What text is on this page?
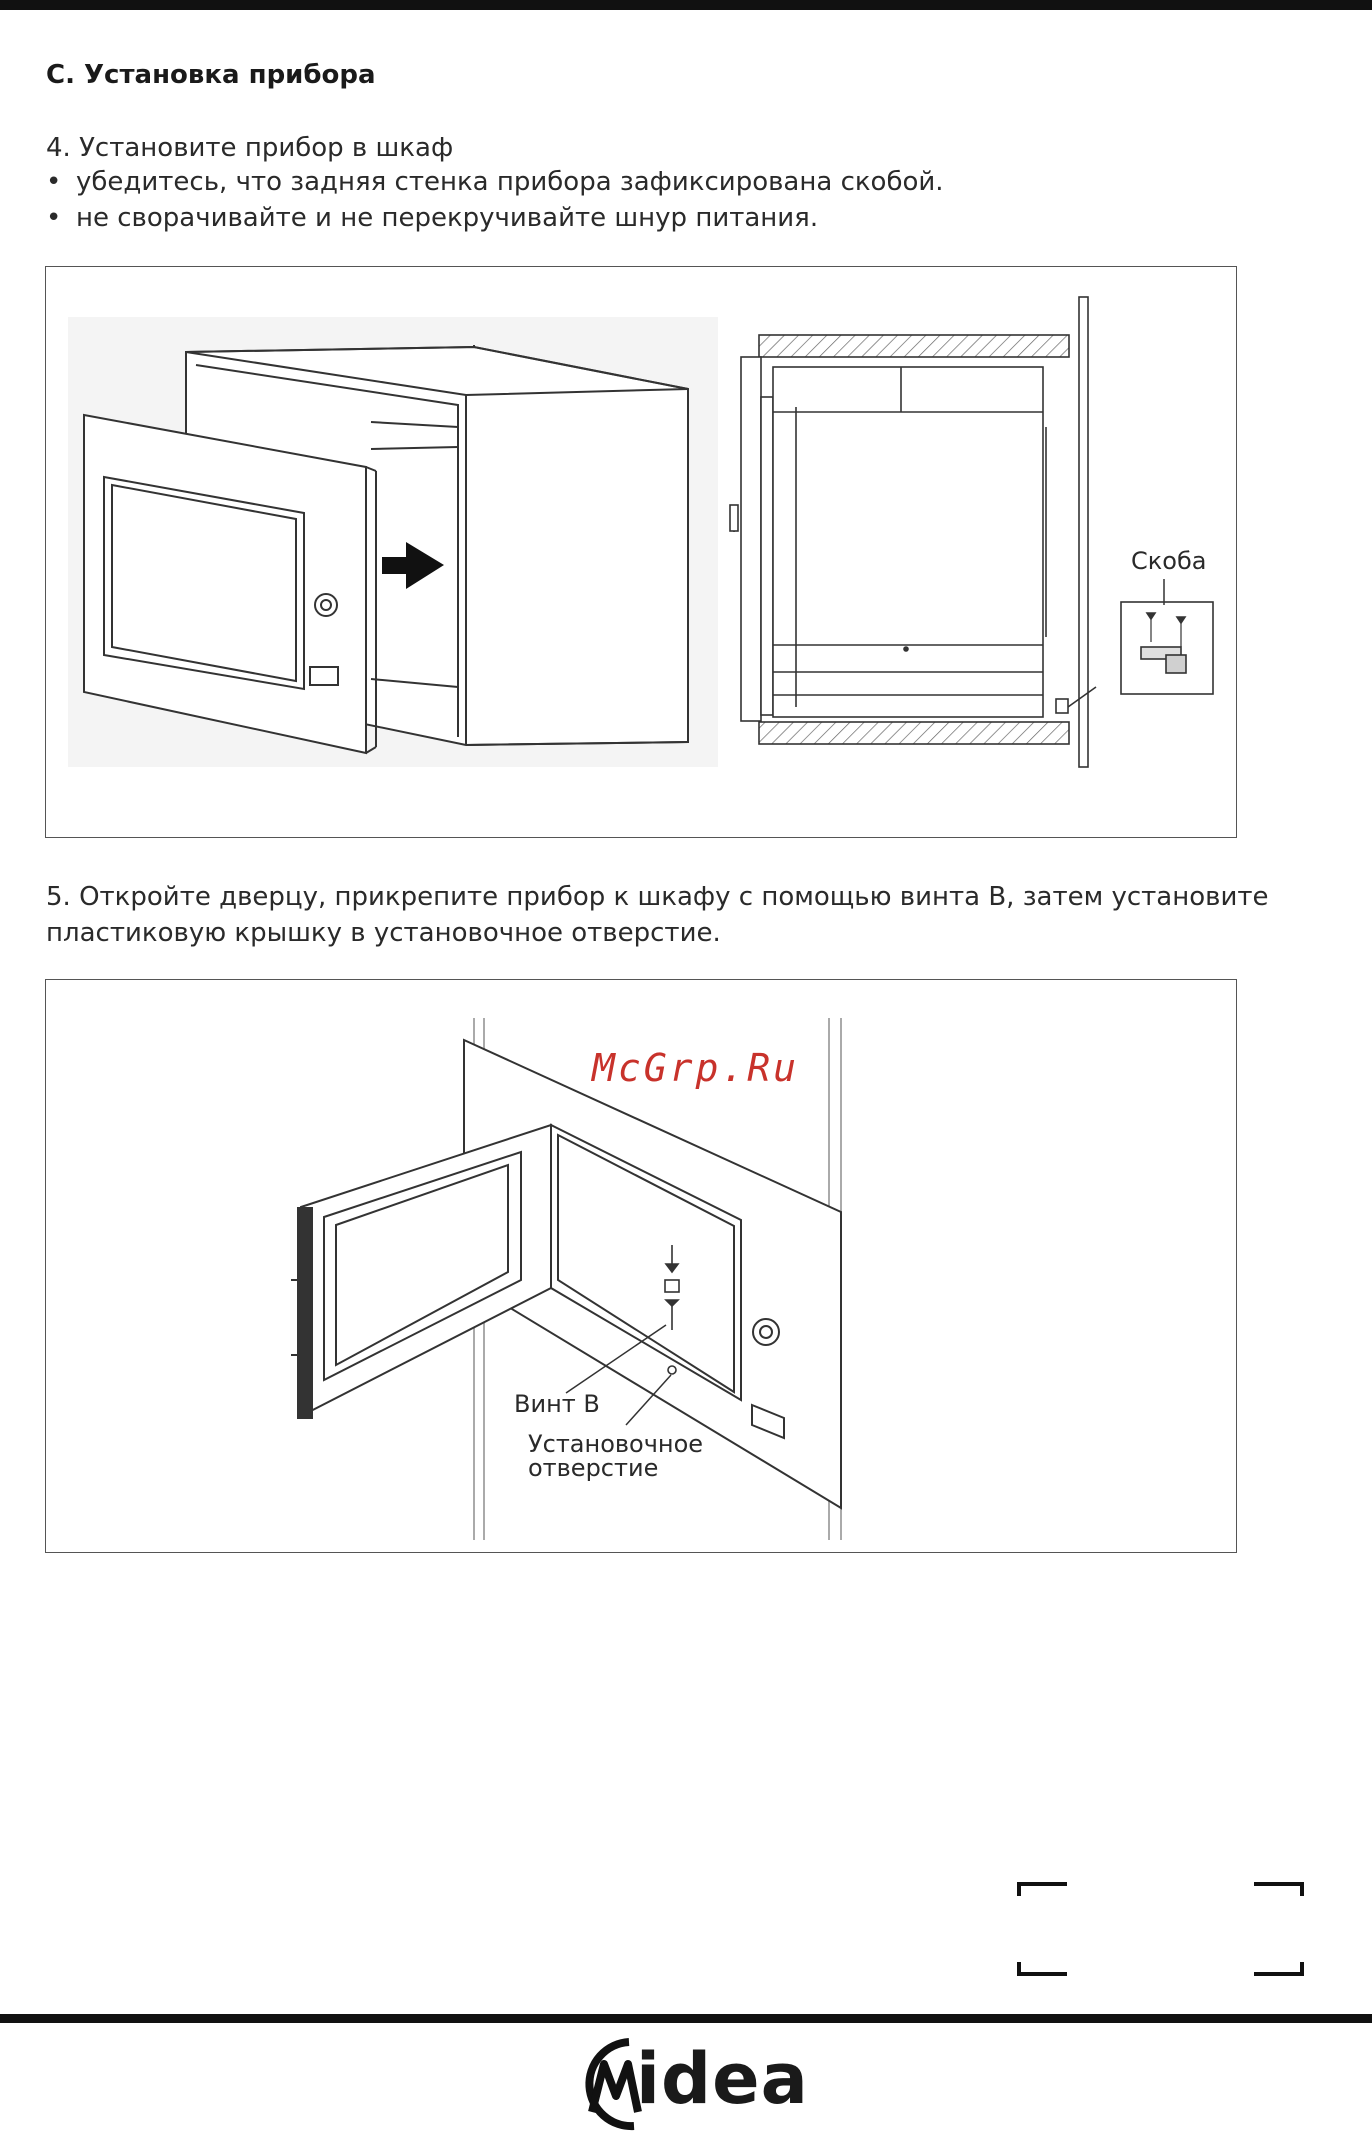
С. Установка прибора
4. Установите прибор в шкаф
• убедитесь, что задняя стенка прибора зафиксирована скобой.
• не сворачивайте и не перекручивайте шнур питания.
Скоба
5. Откройте дверцу, прикрепите прибор к шкафу с помощью винта B, затем установите
пластиковую крышку в установочное отверстие.
Винт B
Установочное
отверстие
McGrp.Ru
idea
